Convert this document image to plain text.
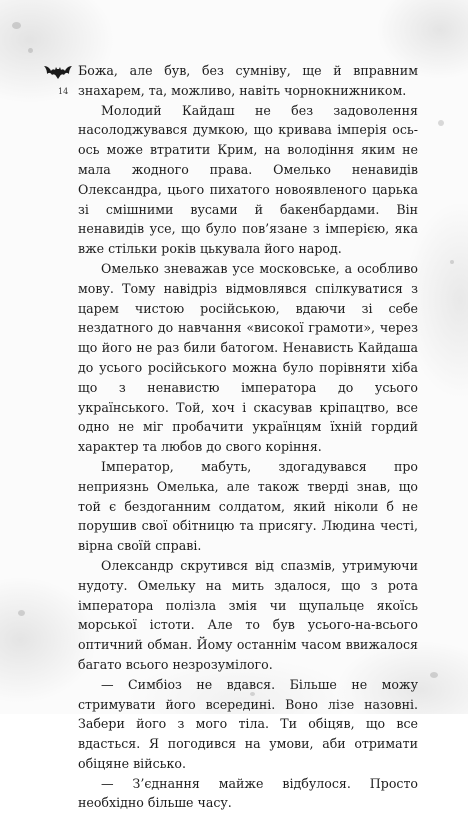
14

Божа, але був, без сумніву, ще й вправним знахарем, та, можливо, навіть чорнокнижником.

Молодий Кайдаш не без задоволення насолоджувався думкою, що кривава імперія ось-ось може втратити Крим, на володіння яким не мала жодного права. Омелько ненавидів Олександра, цього пихатого новоявленого царька зі смішними вусами й бакенбардами. Він ненавидів усе, що було пов’язане з імперією, яка вже стільки років цькувала його народ.

Омелько зневажав усе московське, а особливо мову. Тому навідріз відмовлявся спілкуватися з царем чистою російською, вдаючи зі себе нездатного до навчання «високої грамоти», через що його не раз били батогом. Ненависть Кайдаша до усього російського можна було порівняти хіба що з ненавистю імператора до усього українського. Той, хоч і скасував кріпацтво, все одно не міг пробачити українцям їхній гордий характер та любов до свого коріння.

Імператор, мабуть, здогадувався про неприязнь Омелька, але також тверді знав, що той є бездоганним солдатом, який ніколи б не порушив свої обітницю та присягу. Людина честі, вірна своїй справі.

Олександр скрутився від спазмів, утримуючи нудоту. Омельку на мить здалося, що з рота імператора полізла змія чи щупальце якоїсь морської істоти. Але то був усього-на-всього оптичний обман. Йому останнім часом ввижалося багато всього незрозумілого.

— Симбіоз не вдався. Більше не можу стримувати його всередині. Воно лізе назовні. Забери його з мого тіла. Ти обіцяв, що все вдасться. Я погодився на умови, аби отримати обіцяне військо.

— З’єднання майже відбулося. Просто необхідно більше часу.
